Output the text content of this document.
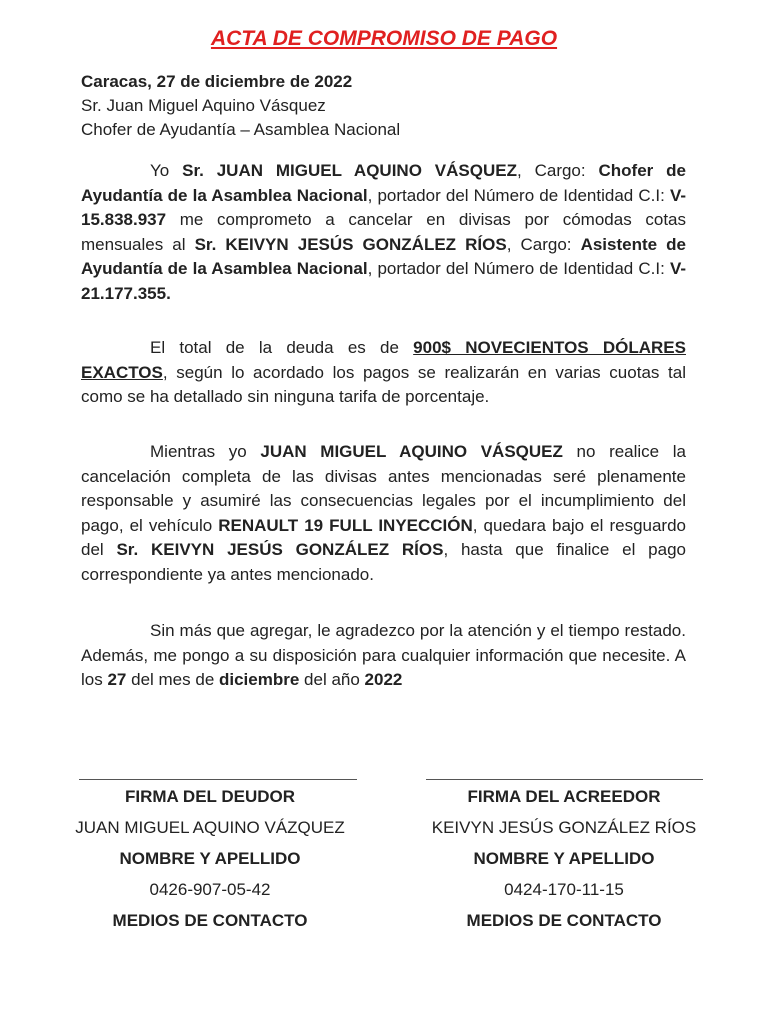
ACTA DE COMPROMISO DE PAGO
Caracas, 27 de diciembre de 2022
Sr. Juan Miguel Aquino Vásquez
Chofer de Ayudantía – Asamblea Nacional

Yo Sr. JUAN MIGUEL AQUINO VÁSQUEZ, Cargo: Chofer de Ayudantía de la Asamblea Nacional, portador del Número de Identidad C.I: V-15.838.937 me comprometo a cancelar en divisas por cómodas cotas mensuales al Sr. KEIVYN JESÚS GONZÁLEZ RÍOS, Cargo: Asistente de Ayudantía de la Asamblea Nacional, portador del Número de Identidad C.I: V-21.177.355.

El total de la deuda es de 900$ NOVECIENTOS DÓLARES EXACTOS, según lo acordado los pagos se realizarán en varias cuotas tal como se ha detallado sin ninguna tarifa de porcentaje.

Mientras yo JUAN MIGUEL AQUINO VÁSQUEZ no realice la cancelación completa de las divisas antes mencionadas seré plenamente responsable y asumiré las consecuencias legales por el incumplimiento del pago, el vehículo RENAULT 19 FULL INYECCIÓN, quedara bajo el resguardo del Sr. KEIVYN JESÚS GONZÁLEZ RÍOS, hasta que finalice el pago correspondiente ya antes mencionado.

Sin más que agregar, le agradezco por la atención y el tiempo restado. Además, me pongo a su disposición para cualquier información que necesite. A los 27 del mes de diciembre del año 2022

FIRMA DEL DEUDOR
JUAN MIGUEL AQUINO VÁZQUEZ
NOMBRE Y APELLIDO
0426-907-05-42
MEDIOS DE CONTACTO
FIRMA DEL ACREEDOR
KEIVYN JESÚS GONZÁLEZ RÍOS
NOMBRE Y APELLIDO
0424-170-11-15
MEDIOS DE CONTACTO
